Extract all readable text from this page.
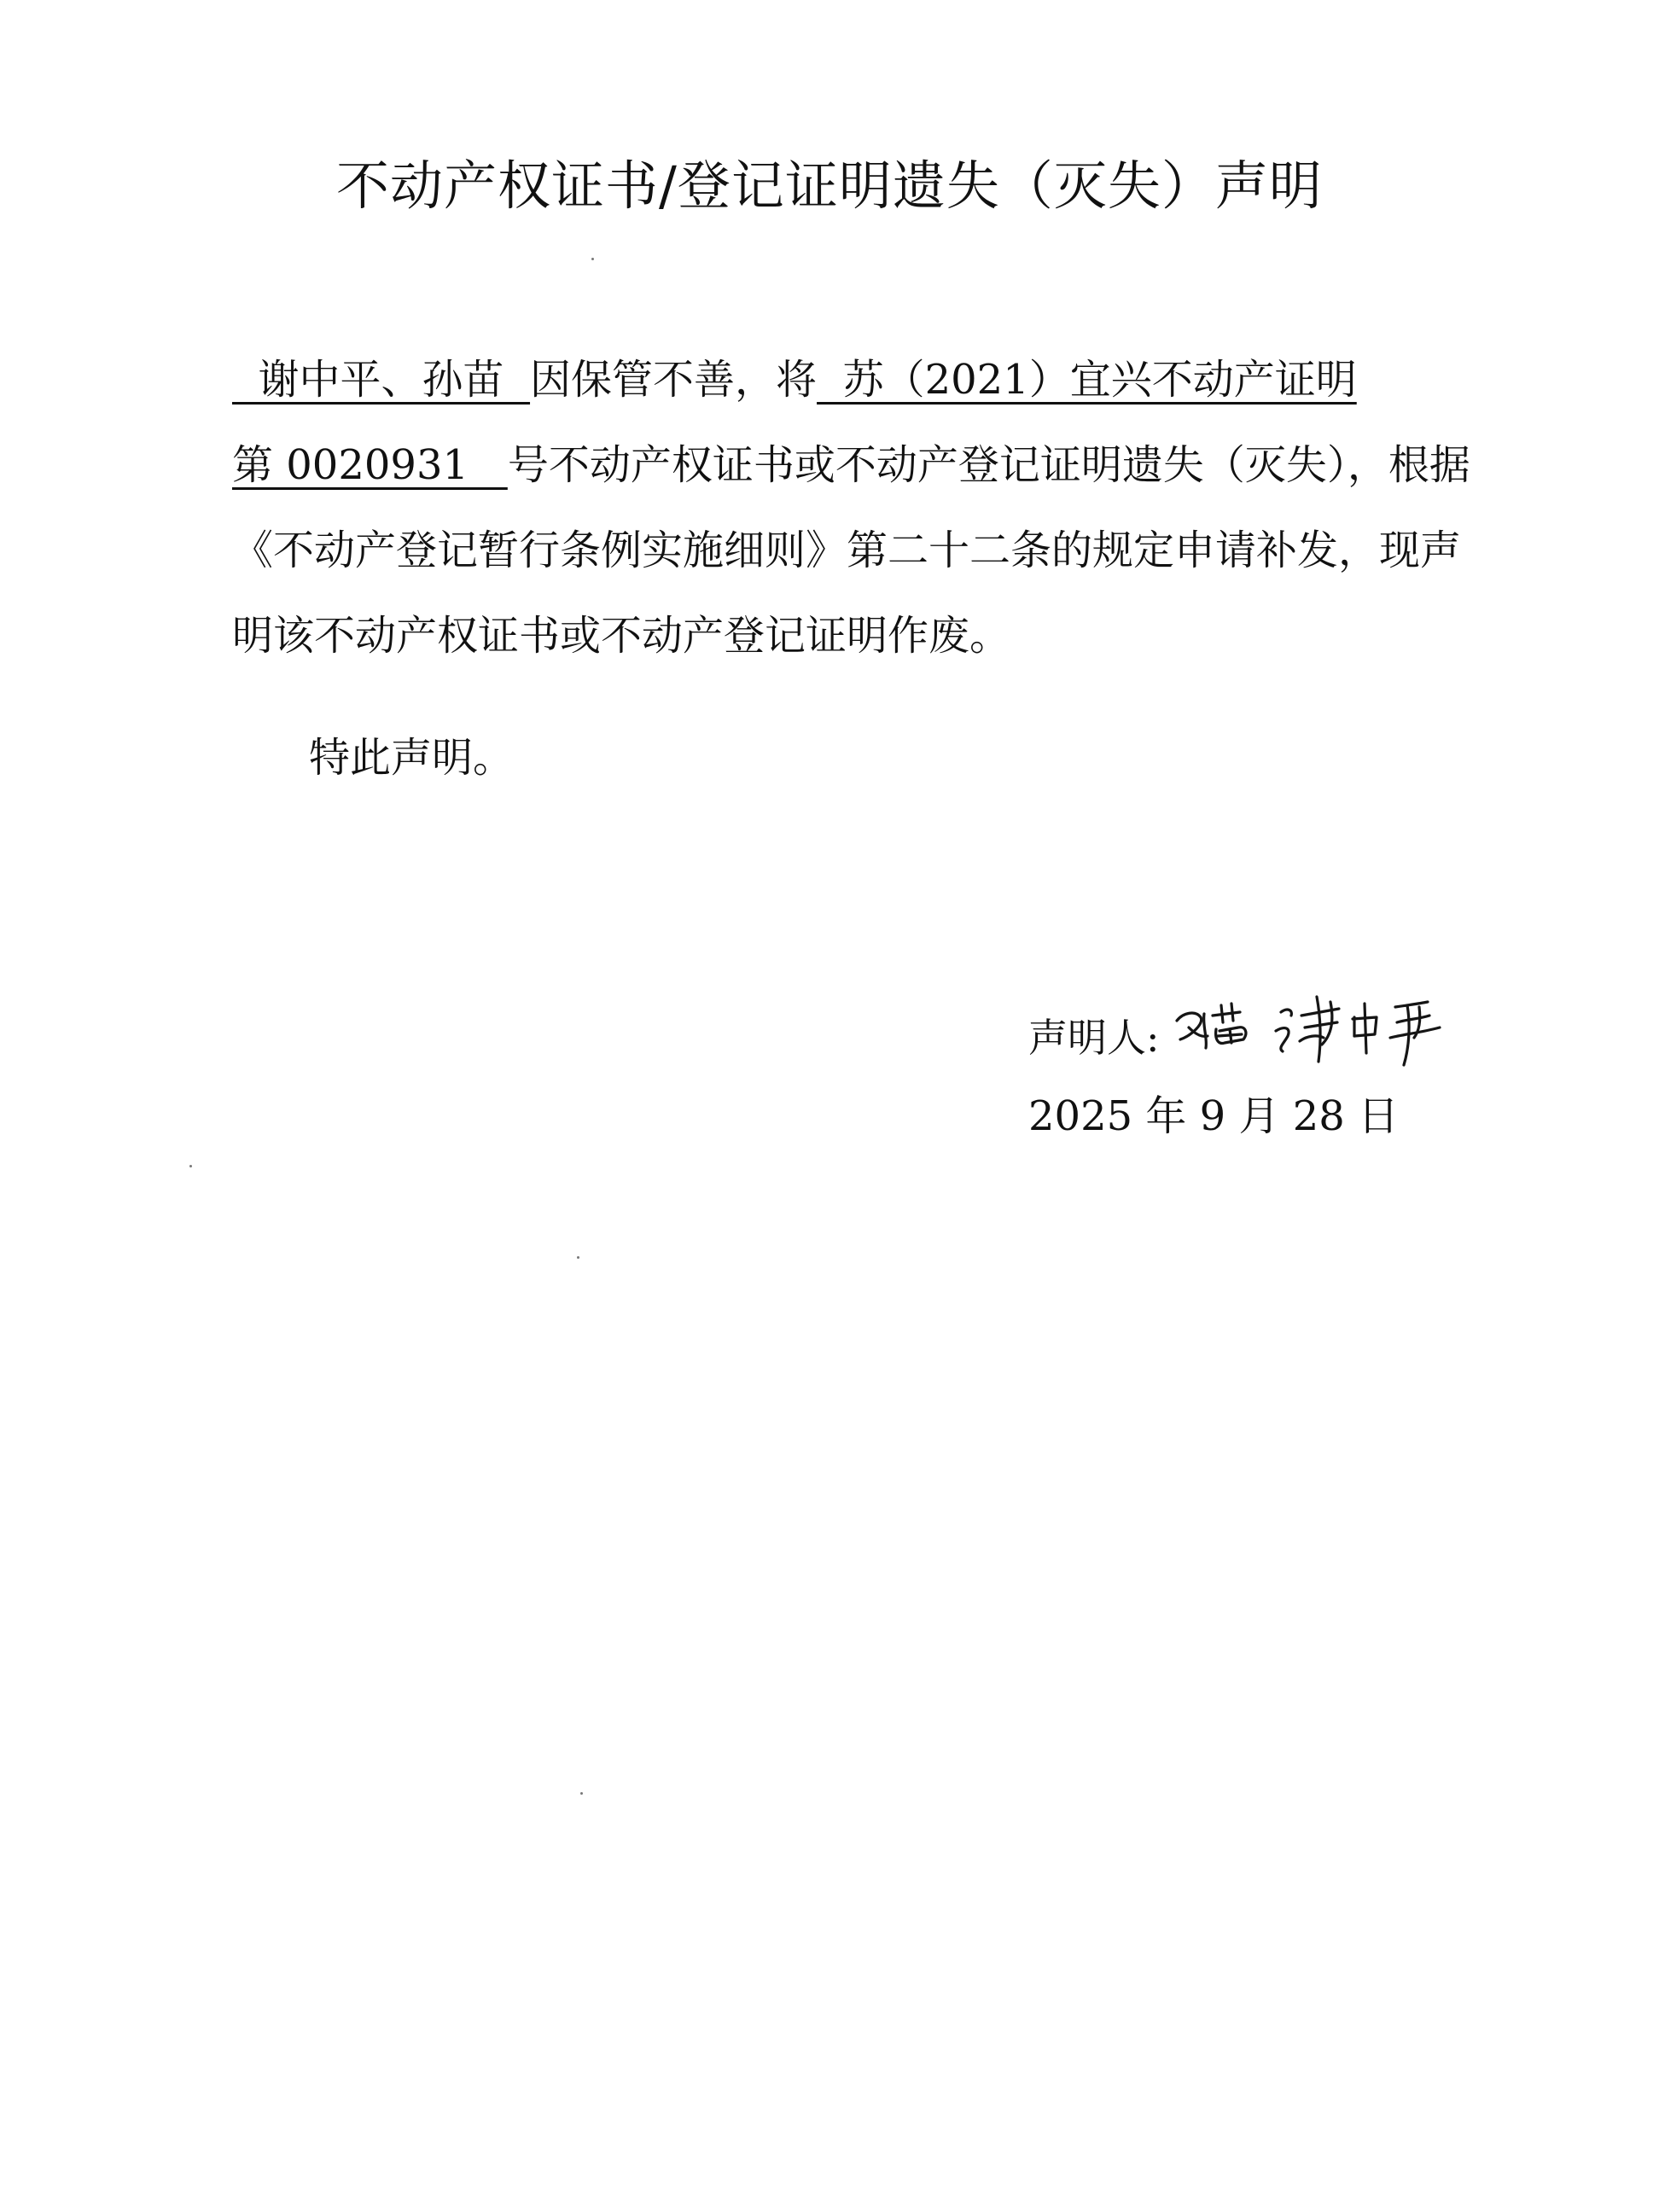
不动产权证书/登记证明遗失（灭失）声明
谢中平、孙苗  因保管不善，将  苏（2021）宜兴不动产证明
第 0020931   号不动产权证书或不动产登记证明遗失（灭失），根据
《不动产登记暂行条例实施细则》第二十二条的规定申请补发，现声
明该不动产权证书或不动产登记证明作废。
特此声明。
声明人:
2025 年 9 月 28 日
